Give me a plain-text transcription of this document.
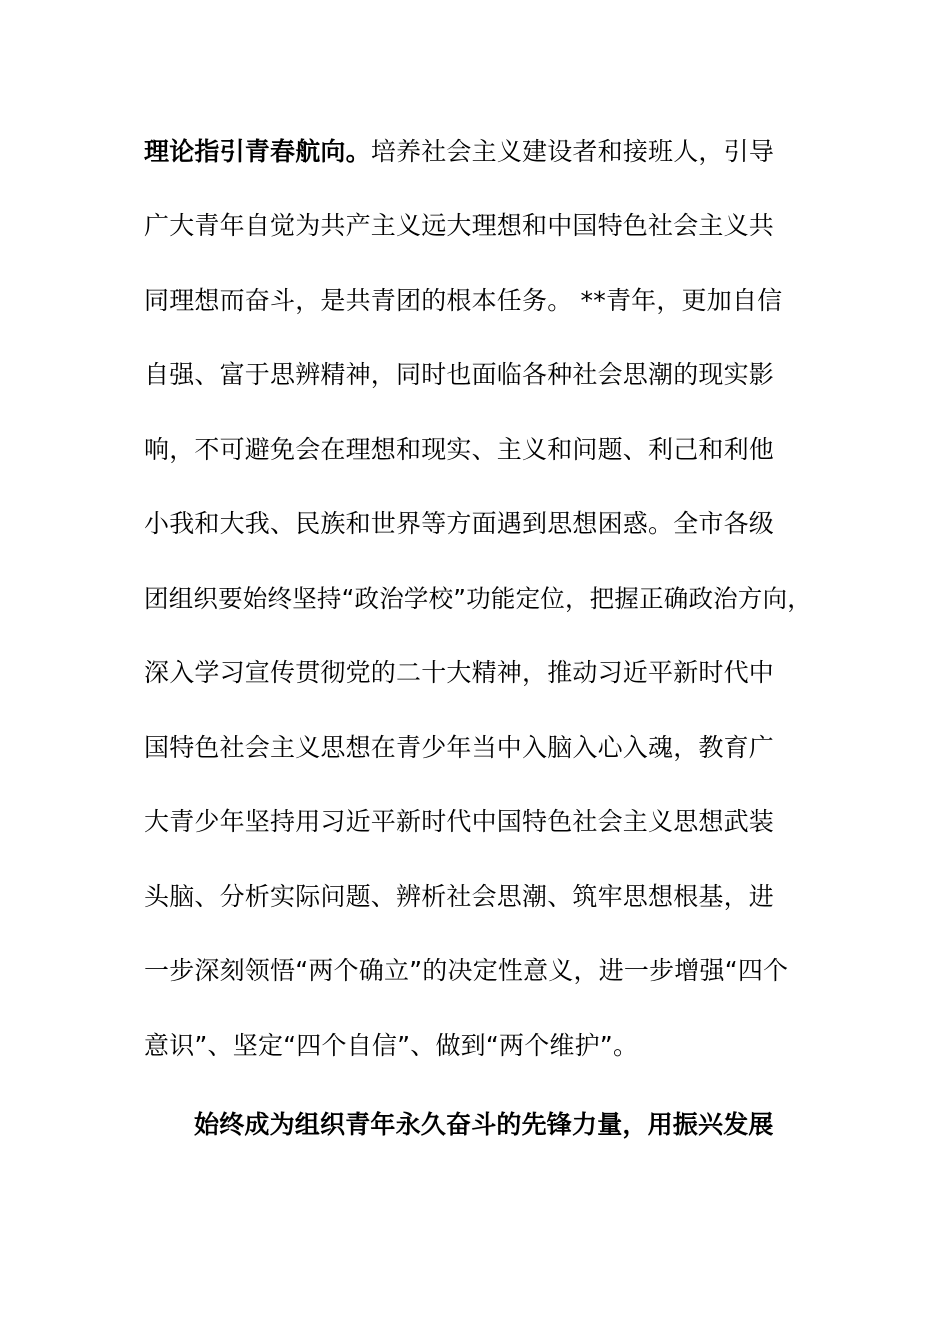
理论指引青春航向。培养社会主义建设者和接班人，引导
广大青年自觉为共产主义远大理想和中国特色社会主义共
同理想而奋斗，是共青团的根本任务。 **青年，更加自信
自强、富于思辨精神，同时也面临各种社会思潮的现实影
响，不可避免会在理想和现实、主义和问题、利己和利他
小我和大我、民族和世界等方面遇到思想困惑。全市各级
团组织要始终坚持“政治学校”功能定位，把握正确政治方向，
深入学习宣传贯彻党的二十大精神，推动习近平新时代中
国特色社会主义思想在青少年当中入脑入心入魂，教育广
大青少年坚持用习近平新时代中国特色社会主义思想武装
头脑、分析实际问题、辨析社会思潮、筑牢思想根基，进
一步深刻领悟“两个确立”的决定性意义，进一步增强“四个
意识”、坚定“四个自信”、做到“两个维护”。
始终成为组织青年永久奋斗的先锋力量，用振兴发展
